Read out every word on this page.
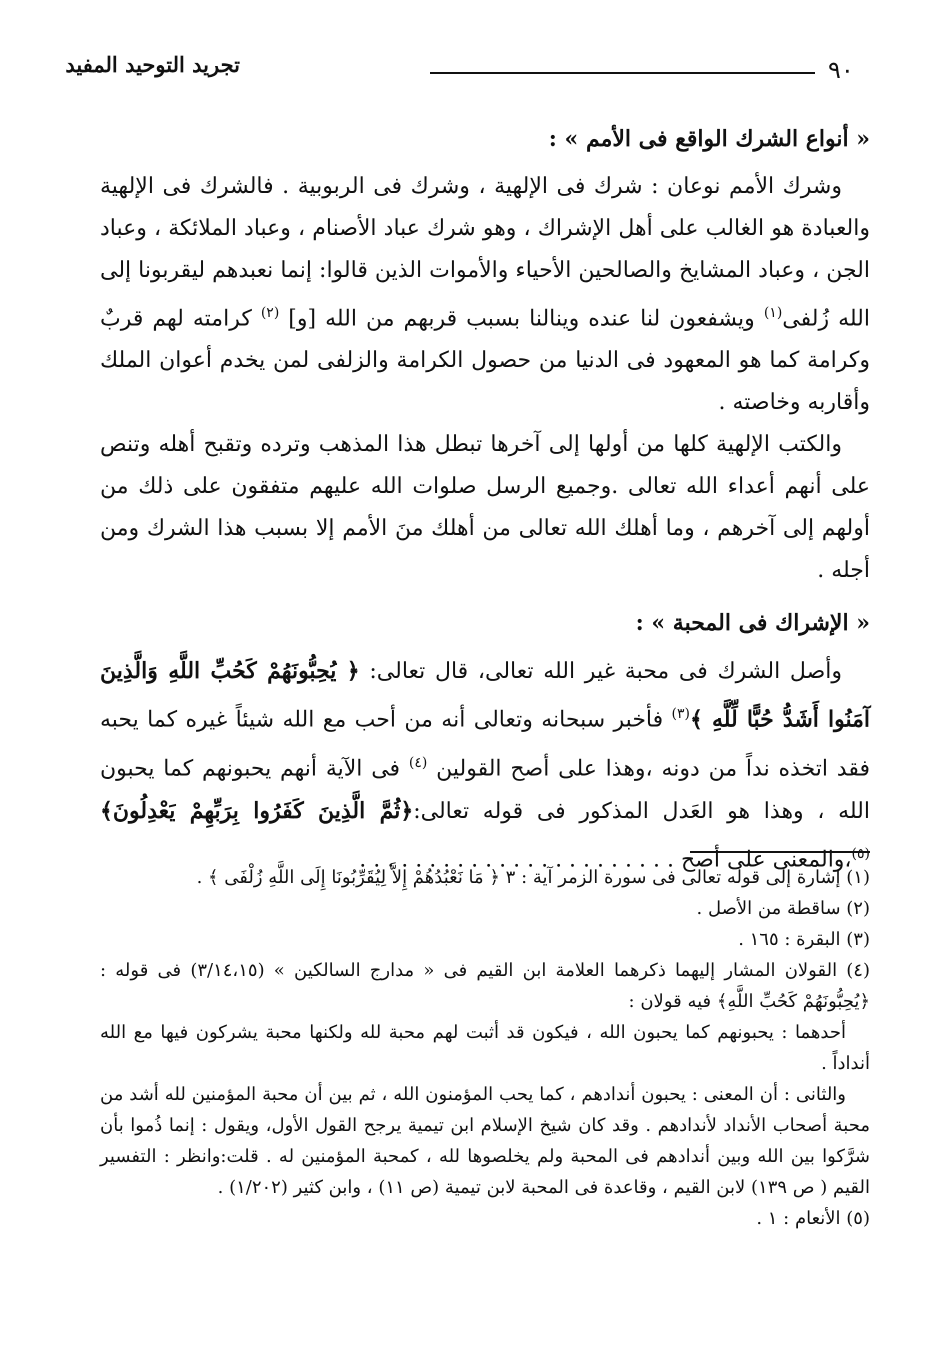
٩٠
تجريد التوحيد المفيد
« أنواع الشرك الواقع فى الأمم » :

وشرك الأمم نوعان : شرك فى الإلهية ، وشرك فى الربوبية . فالشرك فى الإلهية والعبادة هو الغالب على أهل الإشراك ، وهو شرك عباد الأصنام ، وعباد الملائكة ، وعباد الجن ، وعباد المشايخ والصالحين الأحياء والأموات الذين قالوا: إنما نعبدهم ليقربونا إلى الله زُلفى$^{(١)}$ ويشفعون لنا عنده وينالنا بسبب قربهم من الله [و] $^{(٢)}$ كرامته لهم قربٌ وكرامة كما هو المعهود فى الدنيا من حصول الكرامة والزلفى لمن يخدم أعوان الملك وأقاربه وخاصته .

والكتب الإلهية كلها من أولها إلى آخرها تبطل هذا المذهب وترده وتقبح أهله وتنص على أنهم أعداء الله تعالى .وجميع الرسل صلوات الله عليهم متفقون على ذلك من أولهم إلى آخرهم ، وما أهلك الله تعالى من أهلك منَ الأمم إلا بسبب هذا الشرك ومن أجله .

« الإشراك فى المحبة » :

وأصل الشرك فى محبة غير الله تعالى، قال تعالى: ﴿ يُحِبُّونَهُمْ كَحُبِّ اللَّهِ وَالَّذِينَ آمَنُوا أَشَدُّ حُبًّا لِّلَّهِ ﴾$^{(٣)}$ فأخبر سبحانه وتعالى أنه من أحب مع الله شيئاً غيره كما يحبه فقد اتخذه نداً من دونه ،وهذا على أصح القولين $^{(٤)}$ فى الآية أنهم يحبونهم كما يحبون الله ، وهذا هو العَدل المذكور فى قوله تعالى:﴿ثُمَّ الَّذِينَ كَفَرُوا بِرَبِّهِمْ يَعْدِلُونَ﴾$^{(٥)}$،والمعنى على أصح . . . . . . . . . . . . . . . . . . . . . . .

(١) إشارة إلى قوله تعالى فى سورة الزمر آية : ٣ ﴿ مَا نَعْبُدُهُمْ إِلاَّ لِيُقَرِّبُونَا إِلَى اللَّهِ زُلْفَى ﴾ .

(٢) ساقطة من الأصل .

(٣) البقرة : ١٦٥ .

(٤) القولان المشار إليهما ذكرهما العلامة ابن القيم فى « مدارج السالكين » (٣/١٤،١٥) فى قوله : ﴿يُحِبُّونَهُمْ كَحُبِّ اللَّهِ﴾ فيه قولان :

أحدهما : يحبونهم كما يحبون الله ، فيكون قد أثبت لهم محبة لله ولكنها محبة يشركون فيها مع الله أنداداً .

والثانى : أن المعنى : يحبون أندادهم ، كما يحب المؤمنون الله ، ثم بين أن محبة المؤمنين لله أشد من محبة أصحاب الأنداد لأندادهم . وقد كان شيخ الإسلام ابن تيمية يرجح القول الأول، ويقول : إنما ذُموا بأن شرَّكوا بين الله وبين أندادهم فى المحبة ولم يخلصوها لله ، كمحبة المؤمنين له . قلت:وانظر : التفسير القيم ( ص ١٣٩) لابن القيم ، وقاعدة فى المحبة لابن تيمية (ص ١١) ، وابن كثير (١/٢٠٢) .

(٥) الأنعام : ١ .
